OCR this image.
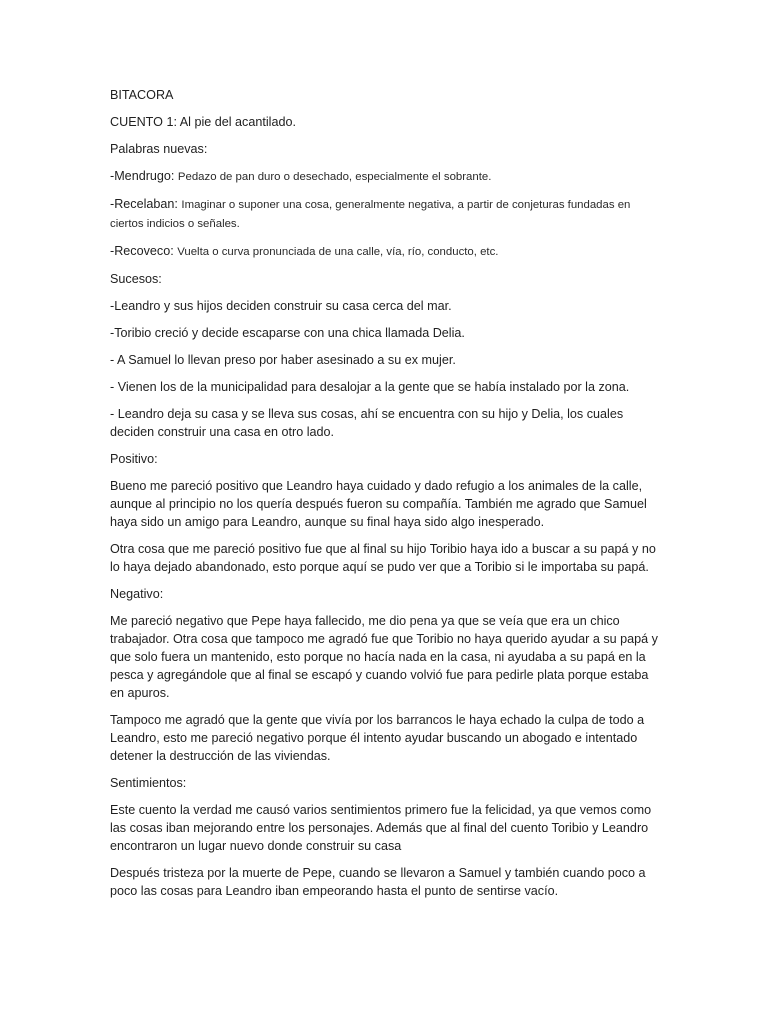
BITACORA

CUENTO 1: Al pie del acantilado.

Palabras nuevas:

-Mendrugo: Pedazo de pan duro o desechado, especialmente el sobrante.

-Recelaban: Imaginar o suponer una cosa, generalmente negativa, a partir de conjeturas fundadas en ciertos indicios o señales.

-Recoveco: Vuelta o curva pronunciada de una calle, vía, río, conducto, etc.

Sucesos:

-Leandro y sus hijos deciden construir su casa cerca del mar.

-Toribio creció y decide escaparse con una chica llamada Delia.

- A Samuel lo llevan preso por haber asesinado a su ex mujer.

- Vienen los de la municipalidad para desalojar a la gente que se había instalado por la zona.

- Leandro deja su casa y se lleva sus cosas, ahí se encuentra con su hijo y Delia, los cuales deciden construir una casa en otro lado.

Positivo:

Bueno me pareció positivo que Leandro haya cuidado y dado refugio a los animales de la calle, aunque al principio no los quería después fueron su compañía. También me agrado que Samuel haya sido un amigo para Leandro, aunque su final haya sido algo inesperado.

Otra cosa que me pareció positivo fue que al final su hijo Toribio haya ido a buscar a su papá y no lo haya dejado abandonado, esto porque aquí se pudo ver que a Toribio si le importaba su papá.

Negativo:

Me pareció negativo que Pepe haya fallecido, me dio pena ya que se veía que era un chico trabajador. Otra cosa que tampoco me agradó fue que Toribio no haya querido ayudar a su papá y que solo fuera un mantenido, esto porque no hacía nada en la casa, ni ayudaba a su papá en la pesca y agregándole que al final se escapó y cuando volvió fue para pedirle plata porque estaba en apuros.

Tampoco me agradó que la gente que vivía por los barrancos le haya echado la culpa de todo a Leandro, esto me pareció negativo porque él intento ayudar buscando un abogado e intentado detener la destrucción de las viviendas.

Sentimientos:

Este cuento la verdad me causó varios sentimientos primero fue la felicidad, ya que vemos como las cosas iban mejorando entre los personajes. Además que al final del cuento Toribio y Leandro encontraron un lugar nuevo donde construir su casa

Después tristeza por la muerte de Pepe, cuando se llevaron a Samuel y también cuando poco a poco las cosas para Leandro iban empeorando hasta el punto de sentirse vacío.
